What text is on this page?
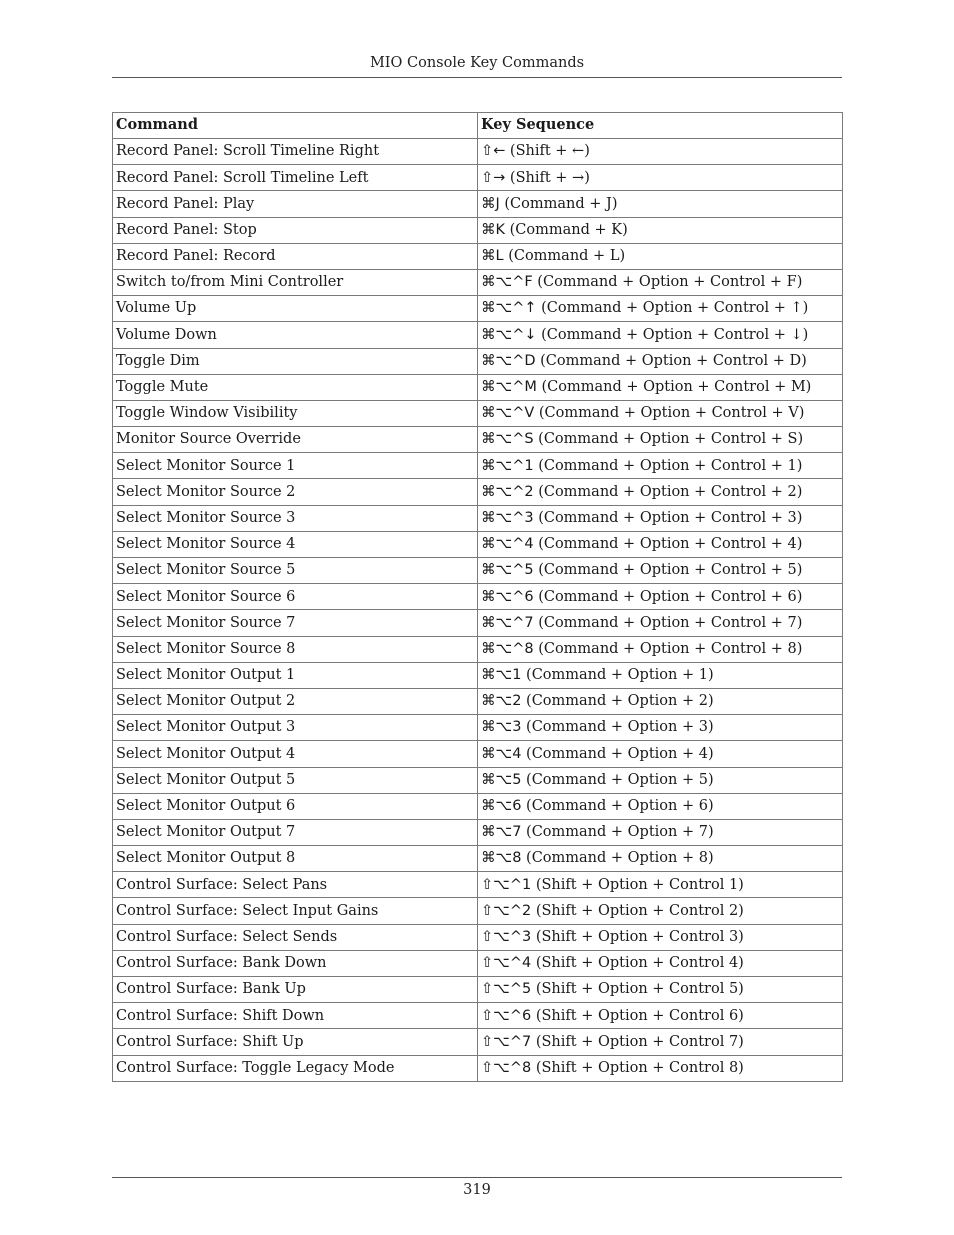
MIO Console Key Commands
Command	Key Sequence
Record Panel: Scroll Timeline Right	⇧← (Shift + ←)
Record Panel: Scroll Timeline Left	⇧→ (Shift + →)
Record Panel: Play	⌘J (Command + J)
Record Panel: Stop	⌘K (Command + K)
Record Panel: Record	⌘L (Command + L)
Switch to/from Mini Controller	⌘⌥^F (Command + Option + Control + F)
Volume Up	⌘⌥^↑ (Command + Option + Control + ↑)
Volume Down	⌘⌥^↓ (Command + Option + Control + ↓)
Toggle Dim	⌘⌥^D (Command + Option + Control + D)
Toggle Mute	⌘⌥^M (Command + Option + Control + M)
Toggle Window Visibility	⌘⌥^V (Command + Option + Control + V)
Monitor Source Override	⌘⌥^S (Command + Option + Control + S)
Select Monitor Source 1	⌘⌥^1 (Command + Option + Control + 1)
Select Monitor Source 2	⌘⌥^2 (Command + Option + Control + 2)
Select Monitor Source 3	⌘⌥^3 (Command + Option + Control + 3)
Select Monitor Source 4	⌘⌥^4 (Command + Option + Control + 4)
Select Monitor Source 5	⌘⌥^5 (Command + Option + Control + 5)
Select Monitor Source 6	⌘⌥^6 (Command + Option + Control + 6)
Select Monitor Source 7	⌘⌥^7 (Command + Option + Control + 7)
Select Monitor Source 8	⌘⌥^8 (Command + Option + Control + 8)
Select Monitor Output 1	⌘⌥1 (Command + Option + 1)
Select Monitor Output 2	⌘⌥2 (Command + Option + 2)
Select Monitor Output 3	⌘⌥3 (Command + Option + 3)
Select Monitor Output 4	⌘⌥4 (Command + Option + 4)
Select Monitor Output 5	⌘⌥5 (Command + Option + 5)
Select Monitor Output 6	⌘⌥6 (Command + Option + 6)
Select Monitor Output 7	⌘⌥7 (Command + Option + 7)
Select Monitor Output 8	⌘⌥8 (Command + Option + 8)
Control Surface: Select Pans	⇧⌥^1 (Shift + Option + Control 1)
Control Surface: Select Input Gains	⇧⌥^2 (Shift + Option + Control 2)
Control Surface: Select Sends	⇧⌥^3 (Shift + Option + Control 3)
Control Surface: Bank Down	⇧⌥^4 (Shift + Option + Control 4)
Control Surface: Bank Up	⇧⌥^5 (Shift + Option + Control 5)
Control Surface: Shift Down	⇧⌥^6 (Shift + Option + Control 6)
Control Surface: Shift Up	⇧⌥^7 (Shift + Option + Control 7)
Control Surface: Toggle Legacy Mode	⇧⌥^8 (Shift + Option + Control 8)
319
